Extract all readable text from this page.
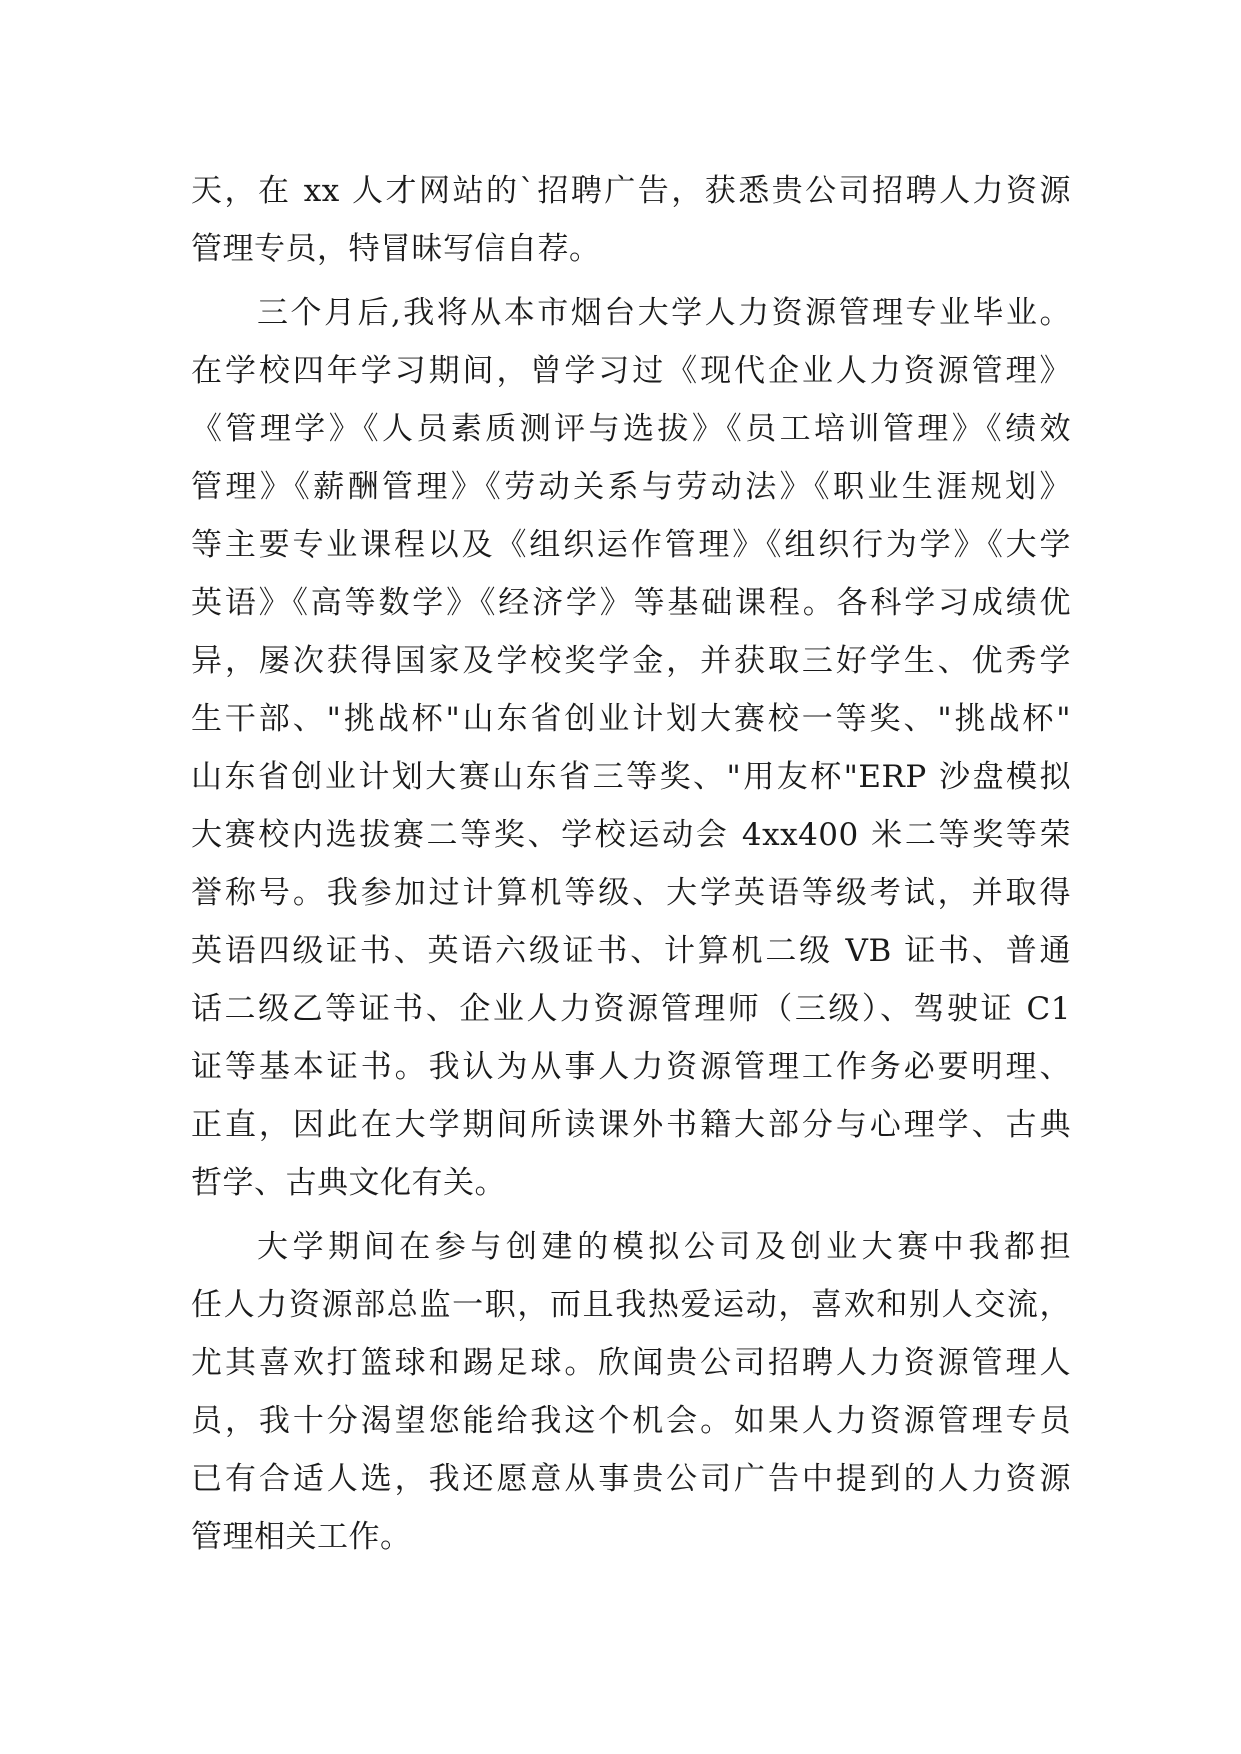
天，在 xx 人才网站的`招聘广告，获悉贵公司招聘人力资源
管理专员，特冒昧写信自荐。
三个月后,我将从本市烟台大学人力资源管理专业毕业。
在学校四年学习期间，曾学习过《现代企业人力资源管理》
《管理学》《人员素质测评与选拔》《员工培训管理》《绩效
管理》《薪酬管理》《劳动关系与劳动法》《职业生涯规划》
等主要专业课程以及《组织运作管理》《组织行为学》《大学
英语》《高等数学》《经济学》等基础课程。各科学习成绩优
异，屡次获得国家及学校奖学金，并获取三好学生、优秀学
生干部、"挑战杯"山东省创业计划大赛校一等奖、"挑战杯"
山东省创业计划大赛山东省三等奖、"用友杯"ERP 沙盘模拟
大赛校内选拔赛二等奖、学校运动会 4xx400 米二等奖等荣
誉称号。我参加过计算机等级、大学英语等级考试，并取得
英语四级证书、英语六级证书、计算机二级 VB 证书、普通
话二级乙等证书、企业人力资源管理师（三级）、驾驶证 C1
证等基本证书。我认为从事人力资源管理工作务必要明理、
正直，因此在大学期间所读课外书籍大部分与心理学、古典
哲学、古典文化有关。
大学期间在参与创建的模拟公司及创业大赛中我都担
任人力资源部总监一职，而且我热爱运动，喜欢和别人交流，
尤其喜欢打篮球和踢足球。欣闻贵公司招聘人力资源管理人
员，我十分渴望您能给我这个机会。如果人力资源管理专员
已有合适人选，我还愿意从事贵公司广告中提到的人力资源
管理相关工作。
